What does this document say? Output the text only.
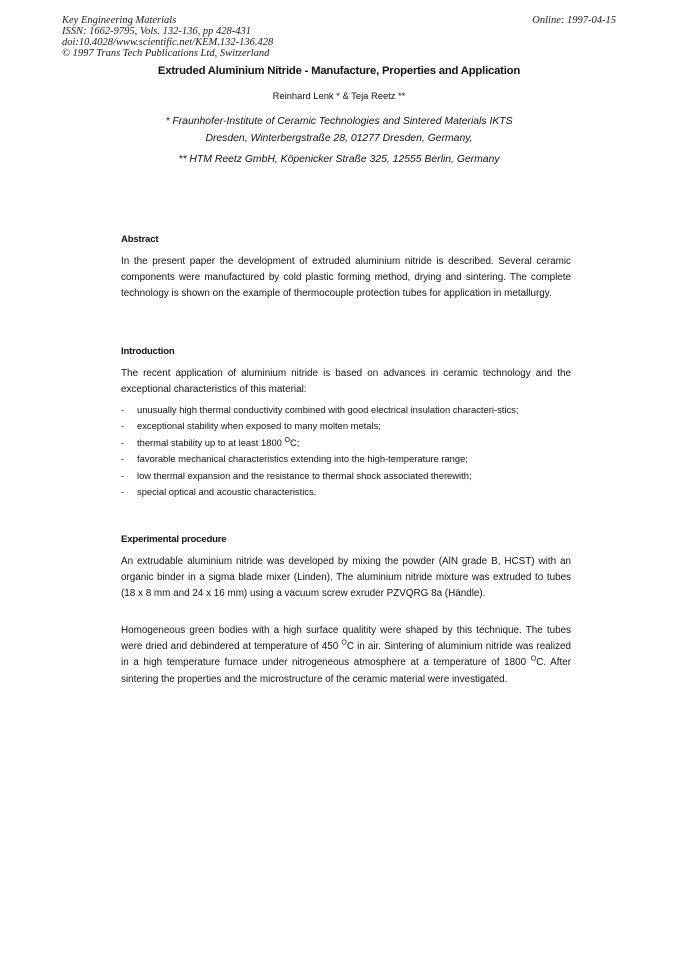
Key Engineering Materials
ISSN: 1662-9795, Vols. 132-136, pp 428-431
doi:10.4028/www.scientific.net/KEM.132-136.428
© 1997 Trans Tech Publications Ltd, Switzerland
Online: 1997-04-15
Extruded Aluminium Nitride - Manufacture, Properties and Application
Reinhard Lenk * & Teja Reetz **
* Fraunhofer-Institute of Ceramic Technologies and Sintered Materials IKTS
Dresden, Winterbergstraße 28, 01277 Dresden, Germany,
** HTM Reetz GmbH, Köpenicker Straße 325, 12555 Berlin, Germany
Abstract

In the present paper the development of extruded aluminium nitride is described. Several ceramic components were manufactured by cold plastic forming method, drying and sintering. The complete technology is shown on the example of thermocouple protection tubes for application in metallurgy.

Introduction

The recent application of aluminium nitride is based on advances in ceramic technology and the exceptional characteristics of this material:

- unusually high thermal conductivity combined with good electrical insulation characteri-stics;
- exceptional stability when exposed to many molten metals;
- thermal stability up to at least 1800 $^O$C;
- favorable mechanical characteristics extending into the high-temperature range;
- low thermal expansion and the resistance to thermal shock associated therewith;
- special optical and acoustic characteristics.
Experimental procedure

An extrudable aluminium nitride was developed by mixing the powder (AlN grade B, HCST) with an organic binder in a sigma blade mixer (Linden). The aluminium nitride mixture was extruded to tubes (18 x 8 mm and 24 x 16 mm) using a vacuum screw exruder PZVQRG 8a (Händle).

Homogeneous green bodies with a high surface qualitity were shaped by this technique. The tubes were dried and debindered at temperature of 450 $^O$C in air. Sintering of aluminium nitride was realized in a high temperature furnace under nitrogeneous atmosphere at a temperature of 1800 $^O$C. After sintering the properties and the microstructure of the ceramic material were investigated.
